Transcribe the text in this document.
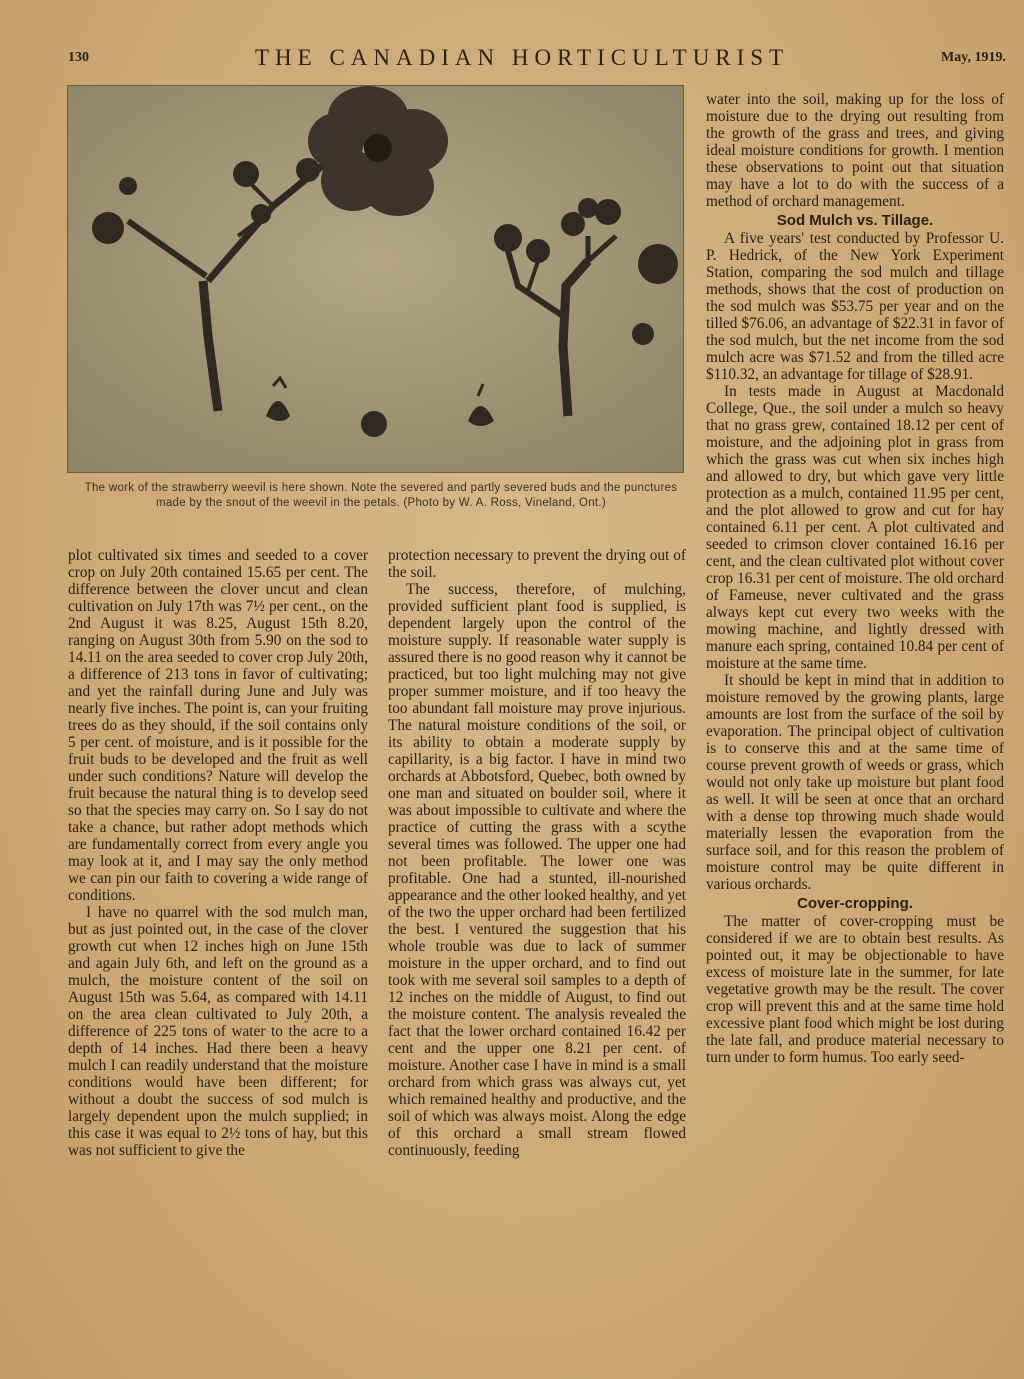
130	THE CANADIAN HORTICULTURIST	May, 1919.
The work of the strawberry weevil is here shown. Note the severed and partly severed buds and the punctures made by the snout of the weevil in the petals. (Photo by W. A. Ross, Vineland, Ont.)

plot cultivated six times and seeded to a cover crop on July 20th contained 15.65 per cent. The difference between the clover uncut and clean cultivation on July 17th was 7½ per cent., on the 2nd August it was 8.25, August 15th 8.20, ranging on August 30th from 5.90 on the sod to 14.11 on the area seeded to cover crop July 20th, a difference of 213 tons in favor of cultivating; and yet the rainfall during June and July was nearly five inches. The point is, can your fruiting trees do as they should, if the soil contains only 5 per cent. of moisture, and is it possible for the fruit buds to be developed and the fruit as well under such conditions? Nature will develop the fruit because the natural thing is to develop seed so that the species may carry on. So I say do not take a chance, but rather adopt methods which are fundamentally correct from every angle you may look at it, and I may say the only method we can pin our faith to covering a wide range of conditions.

I have no quarrel with the sod mulch man, but as just pointed out, in the case of the clover growth cut when 12 inches high on June 15th and again July 6th, and left on the ground as a mulch, the moisture content of the soil on August 15th was 5.64, as compared with 14.11 on the area clean cultivated to July 20th, a difference of 225 tons of water to the acre to a depth of 14 inches. Had there been a heavy mulch I can readily understand that the moisture conditions would have been different; for without a doubt the success of sod mulch is largely dependent upon the mulch supplied; in this case it was equal to 2½ tons of hay, but this was not sufficient to give the

protection necessary to prevent the drying out of the soil.

The success, therefore, of mulching, provided sufficient plant food is supplied, is dependent largely upon the control of the moisture supply. If reasonable water supply is assured there is no good reason why it cannot be practiced, but too light mulching may not give proper summer moisture, and if too heavy the too abundant fall moisture may prove injurious. The natural moisture conditions of the soil, or its ability to obtain a moderate supply by capillarity, is a big factor. I have in mind two orchards at Abbotsford, Quebec, both owned by one man and situated on boulder soil, where it was about impossible to cultivate and where the practice of cutting the grass with a scythe several times was followed. The upper one had not been profitable. The lower one was profitable. One had a stunted, ill-nourished appearance and the other looked healthy, and yet of the two the upper orchard had been fertilized the best. I ventured the suggestion that his whole trouble was due to lack of summer moisture in the upper orchard, and to find out took with me several soil samples to a depth of 12 inches on the middle of August, to find out the moisture content. The analysis revealed the fact that the lower orchard contained 16.42 per cent and the upper one 8.21 per cent. of moisture. Another case I have in mind is a small orchard from which grass was always cut, yet which remained healthy and productive, and the soil of which was always moist. Along the edge of this orchard a small stream flowed continuously, feeding

water into the soil, making up for the loss of moisture due to the drying out resulting from the growth of the grass and trees, and giving ideal moisture conditions for growth. I mention these observations to point out that situation may have a lot to do with the success of a method of orchard management.

Sod Mulch vs. Tillage.

A five years' test conducted by Professor U. P. Hedrick, of the New York Experiment Station, comparing the sod mulch and tillage methods, shows that the cost of production on the sod mulch was $53.75 per year and on the tilled $76.06, an advantage of $22.31 in favor of the sod mulch, but the net income from the sod mulch acre was $71.52 and from the tilled acre $110.32, an advantage for tillage of $28.91.

In tests made in August at Macdonald College, Que., the soil under a mulch so heavy that no grass grew, contained 18.12 per cent of moisture, and the adjoining plot in grass from which the grass was cut when six inches high and allowed to dry, but which gave very little protection as a mulch, contained 11.95 per cent, and the plot allowed to grow and cut for hay contained 6.11 per cent. A plot cultivated and seeded to crimson clover contained 16.16 per cent, and the clean cultivated plot without cover crop 16.31 per cent of moisture. The old orchard of Fameuse, never cultivated and the grass always kept cut every two weeks with the mowing machine, and lightly dressed with manure each spring, contained 10.84 per cent of moisture at the same time.

It should be kept in mind that in addition to moisture removed by the growing plants, large amounts are lost from the surface of the soil by evaporation. The principal object of cultivation is to conserve this and at the same time of course prevent growth of weeds or grass, which would not only take up moisture but plant food as well. It will be seen at once that an orchard with a dense top throwing much shade would materially lessen the evaporation from the surface soil, and for this reason the problem of moisture control may be quite different in various orchards.

Cover-cropping.

The matter of cover-cropping must be considered if we are to obtain best results. As pointed out, it may be objectionable to have excess of moisture late in the summer, for late vegetative growth may be the result. The cover crop will prevent this and at the same time hold excessive plant food which might be lost during the late fall, and produce material necessary to turn under to form humus. Too early seed-
